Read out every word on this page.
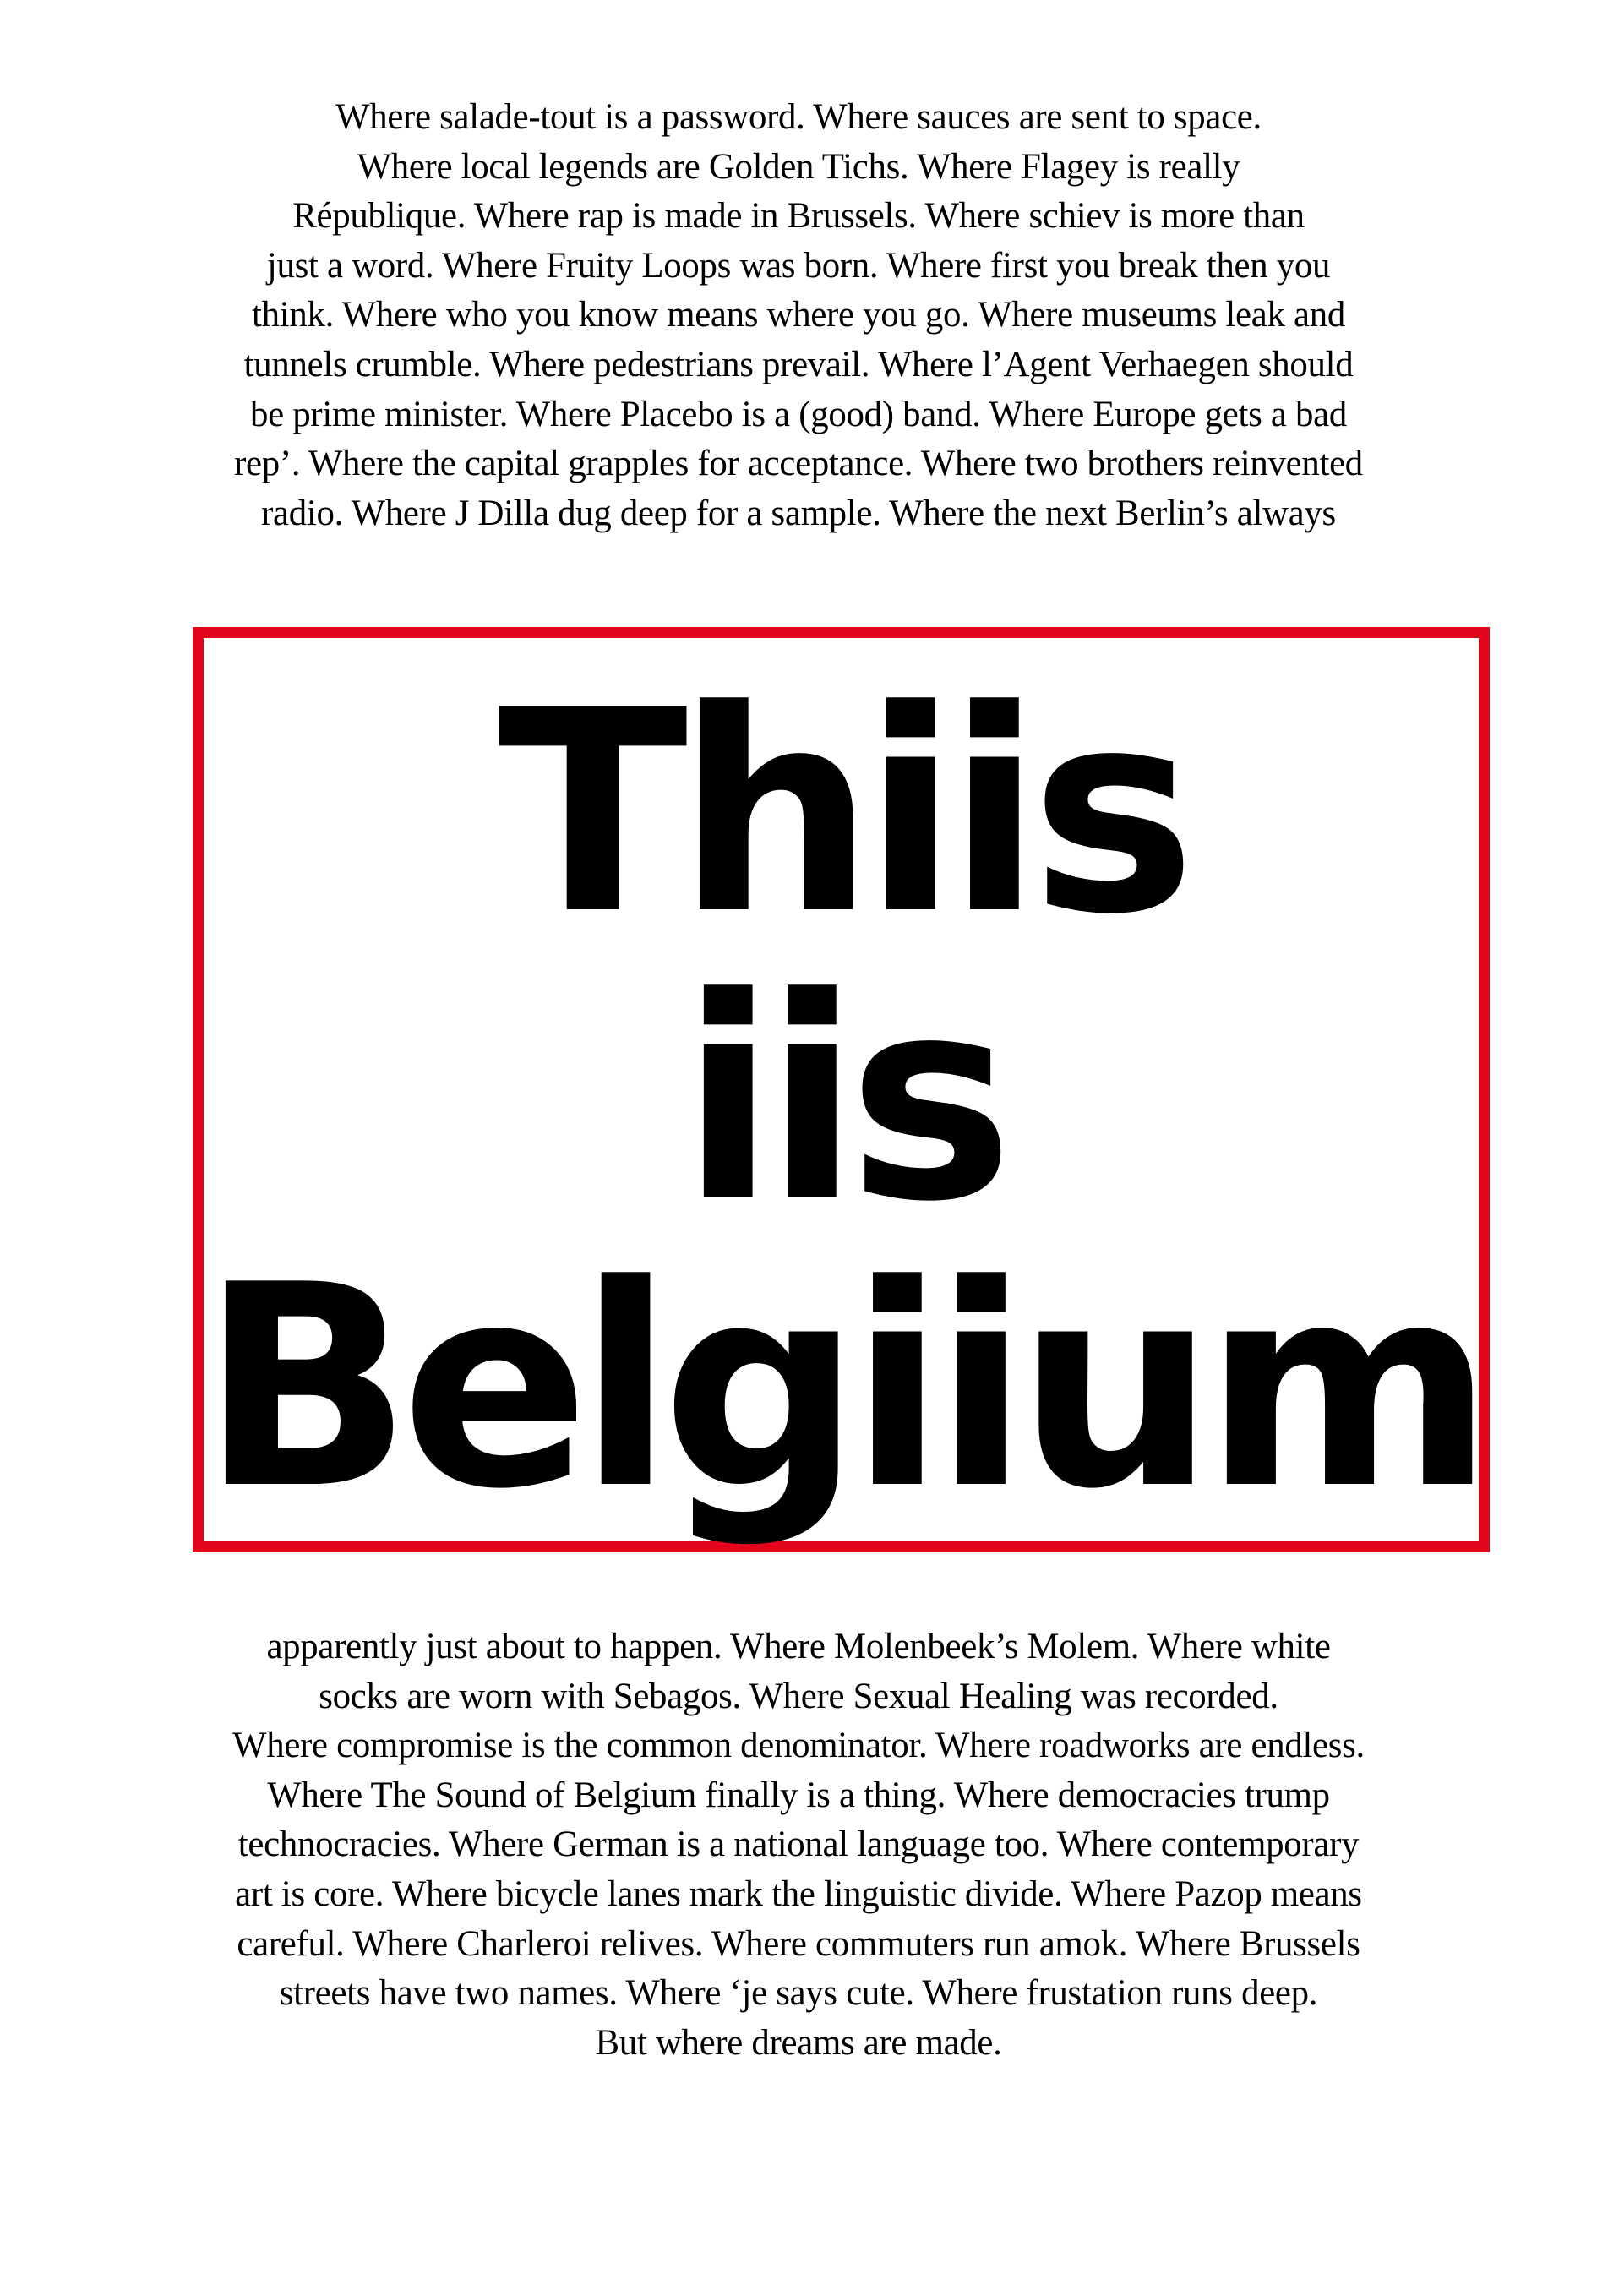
Where salade-tout is a password. Where sauces are sent to space.
Where local legends are Golden Tichs. Where Flagey is really
République. Where rap is made in Brussels. Where schiev is more than
just a word. Where Fruity Loops was born. Where first you break then you
think. Where who you know means where you go. Where museums leak and
tunnels crumble. Where pedestrians prevail. Where l’Agent Verhaegen should
be prime minister. Where Placebo is a (good) band. Where Europe gets a bad
rep’. Where the capital grapples for acceptance. Where two brothers reinvented
radio. Where J Dilla dug deep for a sample. Where the next Berlin’s always
Thiis
iis
Belgiium
apparently just about to happen. Where Molenbeek’s Molem. Where white
socks are worn with Sebagos. Where Sexual Healing was recorded.
Where compromise is the common denominator. Where roadworks are endless.
Where The Sound of Belgium finally is a thing. Where democracies trump
technocracies. Where German is a national language too. Where contemporary
art is core. Where bicycle lanes mark the linguistic divide. Where Pazop means
careful. Where Charleroi relives. Where commuters run amok. Where Brussels
streets have two names. Where ‘je says cute. Where frustation runs deep.
But where dreams are made.
